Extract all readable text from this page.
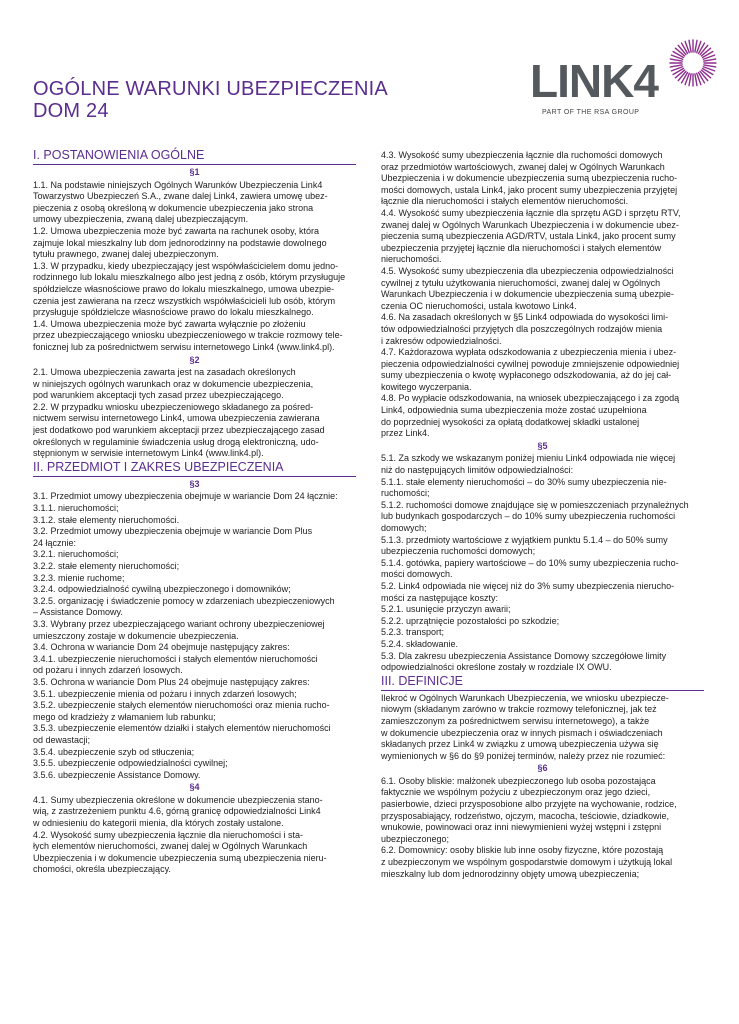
OGÓLNE WARUNKI UBEZPIECZENIA
DOM 24
LINK4
PART OF THE RSA GROUP
I. POSTANOWIENIA OGÓLNE
§1
1.1. Na podstawie niniejszych Ogólnych Warunków Ubezpieczenia Link4
Towarzystwo Ubezpieczeń S.A., zwane dalej Link4, zawiera umowę ubez-
pieczenia z osobą określoną w dokumencie ubezpieczenia jako strona
umowy ubezpieczenia, zwaną dalej ubezpieczającym.
1.2. Umowa ubezpieczenia może być zawarta na rachunek osoby, która
zajmuje lokal mieszkalny lub dom jednorodzinny na podstawie dowolnego
tytułu prawnego, zwanej dalej ubezpieczonym.
1.3. W przypadku, kiedy ubezpieczający jest współwłaścicielem domu jedno-
rodzinnego lub lokalu mieszkalnego albo jest jedną z osób, którym przysługuje
spółdzielcze własnościowe prawo do lokalu mieszkalnego, umowa ubezpie-
czenia jest zawierana na rzecz wszystkich współwłaścicieli lub osób, którym
przysługuje spółdzielcze własnościowe prawo do lokalu mieszkalnego.
1.4. Umowa ubezpieczenia może być zawarta wyłącznie po złożeniu
przez ubezpieczającego wniosku ubezpieczeniowego w trakcie rozmowy tele-
fonicznej lub za pośrednictwem serwisu internetowego Link4 (www.link4.pl).
§2
2.1. Umowa ubezpieczenia zawarta jest na zasadach określonych
w niniejszych ogólnych warunkach oraz w dokumencie ubezpieczenia,
pod warunkiem akceptacji tych zasad przez ubezpieczającego.
2.2. W przypadku wniosku ubezpieczeniowego składanego za pośred-
nictwem serwisu internetowego Link4, umowa ubezpieczenia zawierana
jest dodatkowo pod warunkiem akceptacji przez ubezpieczającego zasad
określonych w regulaminie świadczenia usług drogą elektroniczną, udo-
stępnionym w serwisie internetowym Link4 (www.link4.pl).
II. PRZEDMIOT I ZAKRES UBEZPIECZENIA
§3
3.1. Przedmiot umowy ubezpieczenia obejmuje w wariancie Dom 24 łącznie:
3.1.1. nieruchomości;
3.1.2. stałe elementy nieruchomości.
3.2. Przedmiot umowy ubezpieczenia obejmuje w wariancie Dom Plus
24 łącznie:
3.2.1. nieruchomości;
3.2.2. stałe elementy nieruchomości;
3.2.3. mienie ruchome;
3.2.4. odpowiedzialność cywilną ubezpieczonego i domowników;
3.2.5. organizację i świadczenie pomocy w zdarzeniach ubezpieczeniowych
– Assistance Domowy.
3.3. Wybrany przez ubezpieczającego wariant ochrony ubezpieczeniowej
umieszczony zostaje w dokumencie ubezpieczenia.
3.4. Ochrona w wariancie Dom 24 obejmuje następujący zakres:
3.4.1. ubezpieczenie nieruchomości i stałych elementów nieruchomości
od pożaru i innych zdarzeń losowych.
3.5. Ochrona w wariancie Dom Plus 24 obejmuje następujący zakres:
3.5.1. ubezpieczenie mienia od pożaru i innych zdarzeń losowych;
3.5.2. ubezpieczenie stałych elementów nieruchomości oraz mienia rucho-
mego od kradzieży z włamaniem lub rabunku;
3.5.3. ubezpieczenie elementów działki i stałych elementów nieruchomości
od dewastacji;
3.5.4. ubezpieczenie szyb od stłuczenia;
3.5.5. ubezpieczenie odpowiedzialności cywilnej;
3.5.6. ubezpieczenie Assistance Domowy.
§4
4.1. Sumy ubezpieczenia określone w dokumencie ubezpieczenia stano-
wią, z zastrzeżeniem punktu 4.6, górną granicę odpowiedzialności Link4
w odniesieniu do kategorii mienia, dla których zostały ustalone.
4.2. Wysokość sumy ubezpieczenia łącznie dla nieruchomości i sta-
łych elementów nieruchomości, zwanej dalej w Ogólnych Warunkach
Ubezpieczenia i w dokumencie ubezpieczenia sumą ubezpieczenia nieru-
chomości, określa ubezpieczający.
4.3. Wysokość sumy ubezpieczenia łącznie dla ruchomości domowych
oraz przedmiotów wartościowych, zwanej dalej w Ogólnych Warunkach
Ubezpieczenia i w dokumencie ubezpieczenia sumą ubezpieczenia rucho-
mości domowych, ustala Link4, jako procent sumy ubezpieczenia przyjętej
łącznie dla nieruchomości i stałych elementów nieruchomości.
4.4. Wysokość sumy ubezpieczenia łącznie dla sprzętu AGD i sprzętu RTV,
zwanej dalej w Ogólnych Warunkach Ubezpieczenia i w dokumencie ubez-
pieczenia sumą ubezpieczenia AGD/RTV, ustala Link4, jako procent sumy
ubezpieczenia przyjętej łącznie dla nieruchomości i stałych elementów
nieruchomości.
4.5. Wysokość sumy ubezpieczenia dla ubezpieczenia odpowiedzialności
cywilnej z tytułu użytkowania nieruchomości, zwanej dalej w Ogólnych
Warunkach Ubezpieczenia i w dokumencie ubezpieczenia sumą ubezpie-
czenia OC nieruchomości, ustala kwotowo Link4.
4.6. Na zasadach określonych w §5 Link4 odpowiada do wysokości limi-
tów odpowiedzialności przyjętych dla poszczególnych rodzajów mienia
i zakresów odpowiedzialności.
4.7. Każdorazowa wypłata odszkodowania z ubezpieczenia mienia i ubez-
pieczenia odpowiedzialności cywilnej powoduje zmniejszenie odpowiedniej
sumy ubezpieczenia o kwotę wypłaconego odszkodowania, aż do jej cał-
kowitego wyczerpania.
4.8. Po wypłacie odszkodowania, na wniosek ubezpieczającego i za zgodą
Link4, odpowiednia suma ubezpieczenia może zostać uzupełniona
do poprzedniej wysokości za opłatą dodatkowej składki ustalonej
przez Link4.
§5
5.1. Za szkody we wskazanym poniżej mieniu Link4 odpowiada nie więcej
niż do następujących limitów odpowiedzialności:
5.1.1. stałe elementy nieruchomości – do 30% sumy ubezpieczenia nie-
ruchomości;
5.1.2. ruchomości domowe znajdujące się w pomieszczeniach przynależnych
lub budynkach gospodarczych – do 10% sumy ubezpieczenia ruchomości
domowych;
5.1.3. przedmioty wartościowe z wyjątkiem punktu 5.1.4 – do 50% sumy
ubezpieczenia ruchomości domowych;
5.1.4. gotówka, papiery wartościowe – do 10% sumy ubezpieczenia rucho-
mości domowych.
5.2. Link4 odpowiada nie więcej niż do 3% sumy ubezpieczenia nierucho-
mości za następujące koszty:
5.2.1. usunięcie przyczyn awarii;
5.2.2. uprzątnięcie pozostałości po szkodzie;
5.2.3. transport;
5.2.4. składowanie.
5.3. Dla zakresu ubezpieczenia Assistance Domowy szczegółowe limity
odpowiedzialności określone zostały w rozdziale IX OWU.
III. DEFINICJE
Ilekroć w Ogólnych Warunkach Ubezpieczenia, we wniosku ubezpiecze-
niowym (składanym zarówno w trakcie rozmowy telefonicznej, jak też
zamieszczonym za pośrednictwem serwisu internetowego), a także
w dokumencie ubezpieczenia oraz w innych pismach i oświadczeniach
składanych przez Link4 w związku z umową ubezpieczenia używa się
wymienionych w §6 do §9 poniżej terminów, należy przez nie rozumieć:
§6
6.1. Osoby bliskie: małżonek ubezpieczonego lub osoba pozostająca
faktycznie we wspólnym pożyciu z ubezpieczonym oraz jego dzieci,
pasierbowie, dzieci przysposobione albo przyjęte na wychowanie, rodzice,
przysposabiający, rodzeństwo, ojczym, macocha, teściowie, dziadkowie,
wnukowie, powinowaci oraz inni niewymienieni wyżej wstępni i zstępni
ubezpieczonego;
6.2. Domownicy: osoby bliskie lub inne osoby fizyczne, które pozostają
z ubezpieczonym we wspólnym gospodarstwie domowym i użytkują lokal
mieszkalny lub dom jednorodzinny objęty umową ubezpieczenia;
